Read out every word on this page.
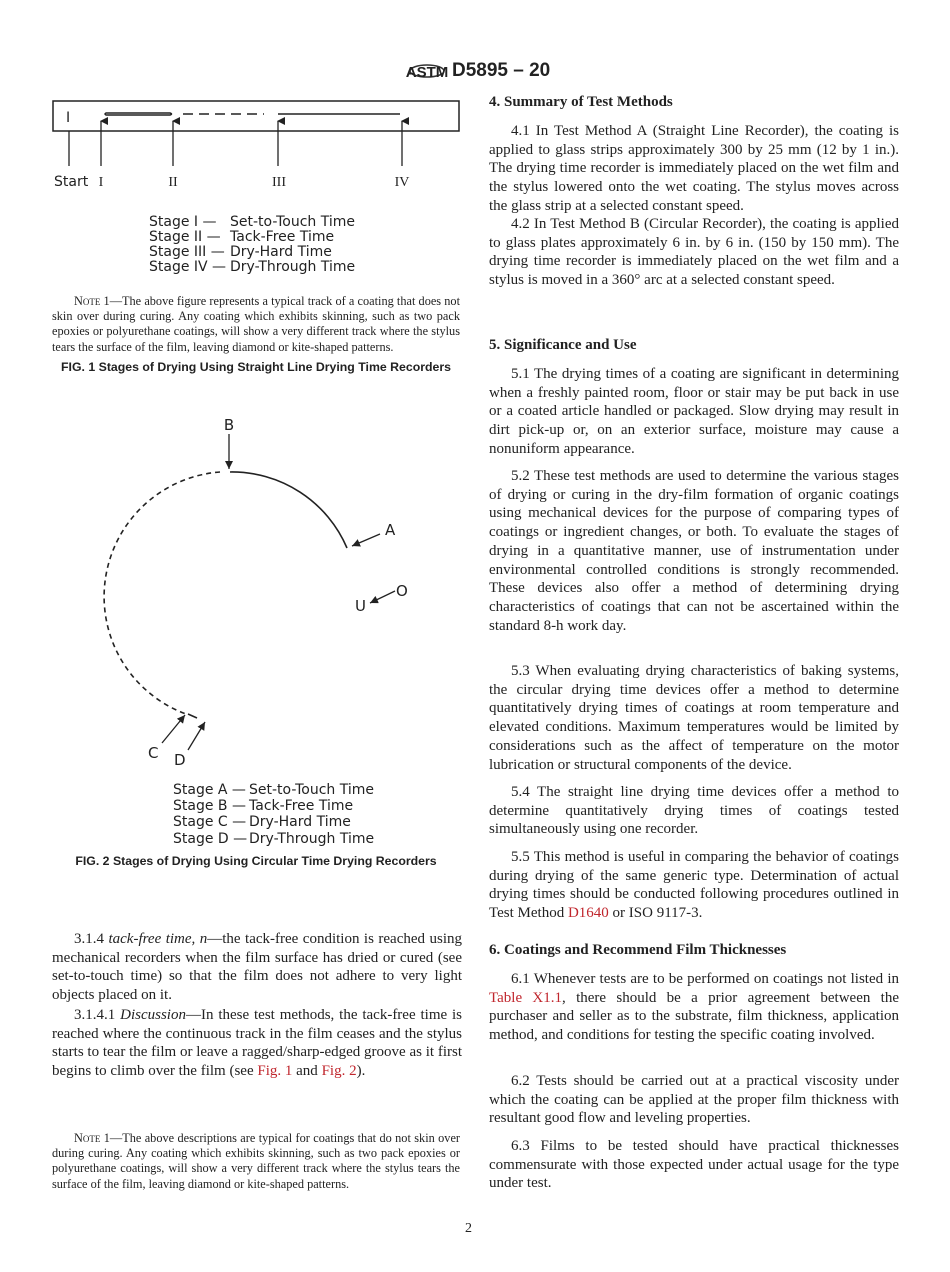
ASTM D5895 – 20
I
Start I	II	III	IV
Stage I — Set-to-Touch Time
Stage II — Tack-Free Time
Stage III — Dry-Hard Time
Stage IV — Dry-Through Time

Note 1—The above figure represents a typical track of a coating that does not skin over during curing. Any coating which exhibits skinning, such as two pack epoxies or polyurethane coatings, will show a very different track where the stylus tears the surface of the film, leaving diamond or kite-shaped patterns.

FIG. 1 Stages of Drying Using Straight Line Drying Time Recorders
B
A
O
U
C D
Stage A — Set-to-Touch Time
Stage B — Tack-Free Time
Stage C — Dry-Hard Time
Stage D — Dry-Through Time
FIG. 2 Stages of Drying Using Circular Time Drying Recorders

3.1.4 tack-free time, n—the tack-free condition is reached using mechanical recorders when the film surface has dried or cured (see set-to-touch time) so that the film does not adhere to very light objects placed on it.

3.1.4.1 Discussion—In these test methods, the tack-free time is reached where the continuous track in the film ceases and the stylus starts to tear the film or leave a ragged/sharp-edged groove as it first begins to climb over the film (see Fig. 1 and Fig. 2).

Note 1—The above descriptions are typical for coatings that do not skin over during curing. Any coating which exhibits skinning, such as two pack epoxies or polyurethane coatings, will show a very different track where the stylus tears the surface of the film, leaving diamond or kite-shaped patterns.

4. Summary of Test Methods

4.1 In Test Method A (Straight Line Recorder), the coating is applied to glass strips approximately 300 by 25 mm (12 by 1 in.). The drying time recorder is immediately placed on the wet film and the stylus lowered onto the wet coating. The stylus moves across the glass strip at a selected constant speed.

4.2 In Test Method B (Circular Recorder), the coating is applied to glass plates approximately 6 in. by 6 in. (150 by 150 mm). The drying time recorder is immediately placed on the wet film and a stylus is moved in a 360° arc at a selected constant speed.

5. Significance and Use

5.1 The drying times of a coating are significant in determining when a freshly painted room, floor or stair may be put back in use or a coated article handled or packaged. Slow drying may result in dirt pick-up or, on an exterior surface, moisture may cause a nonuniform appearance.

5.2 These test methods are used to determine the various stages of drying or curing in the dry-film formation of organic coatings using mechanical devices for the purpose of comparing types of coatings or ingredient changes, or both. To evaluate the stages of drying in a quantitative manner, use of instrumentation under environmental controlled conditions is strongly recommended. These devices also offer a method of determining drying characteristics of coatings that can not be ascertained within the standard 8-h work day.

5.3 When evaluating drying characteristics of baking systems, the circular drying time devices offer a method to determine quantitatively drying times of coatings at room temperature and elevated conditions. Maximum temperatures would be limited by considerations such as the affect of temperature on the motor lubrication or structural components of the device.

5.4 The straight line drying time devices offer a method to determine quantitatively drying times of coatings tested simultaneously using one recorder.

5.5 This method is useful in comparing the behavior of coatings during drying of the same generic type. Determination of actual drying times should be conducted following procedures outlined in Test Method D1640 or ISO 9117-3.

6. Coatings and Recommend Film Thicknesses

6.1 Whenever tests are to be performed on coatings not listed in Table X1.1, there should be a prior agreement between the purchaser and seller as to the substrate, film thickness, application method, and conditions for testing the specific coating involved.

6.2 Tests should be carried out at a practical viscosity under which the coating can be applied at the proper film thickness with resultant good flow and leveling properties.

6.3 Films to be tested should have practical thicknesses commensurate with those expected under actual usage for the type under test.

2
